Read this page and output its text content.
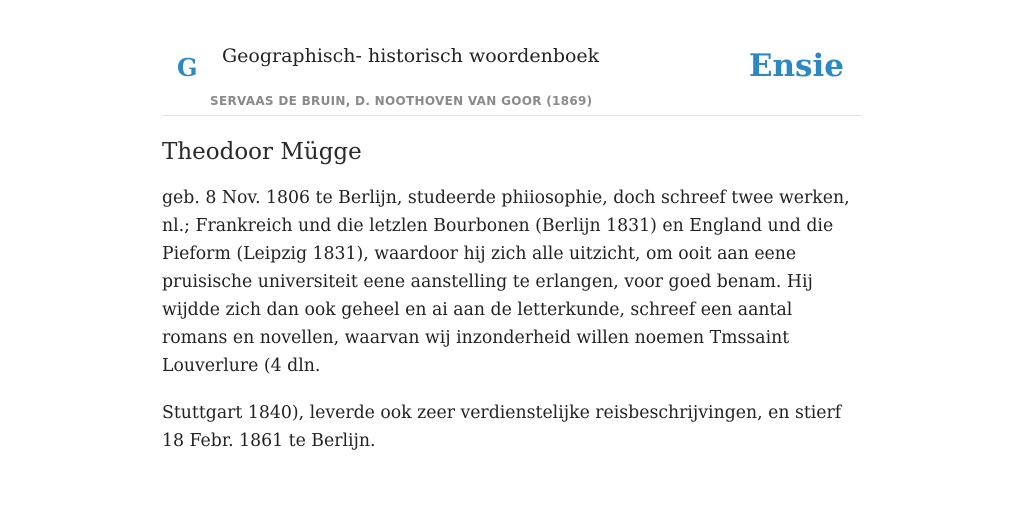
G Geographisch- historisch woordenboek
SERVAAS DE BRUIN, D. NOOTHOVEN VAN GOOR (1869)
Ensie
Theodoor Mügge

geb. 8 Nov. 1806 te Berlijn, studeerde phiiosophie, doch schreef twee werken, nl.; Frankreich und die letzlen Bourbonen (Berlijn 1831) en England und die Pieform (Leipzig 1831), waardoor hij zich alle uitzicht, om ooit aan eene pruisische universiteit eene aanstelling te erlangen, voor goed benam. Hij wijdde zich dan ook geheel en ai aan de letterkunde, schreef een aantal romans en novellen, waarvan wij inzonderheid willen noemen Tmssaint Louverlure (4 dln.

Stuttgart 1840), leverde ook zeer verdienstelijke reisbeschrijvingen, en stierf 18 Febr. 1861 te Berlijn.
